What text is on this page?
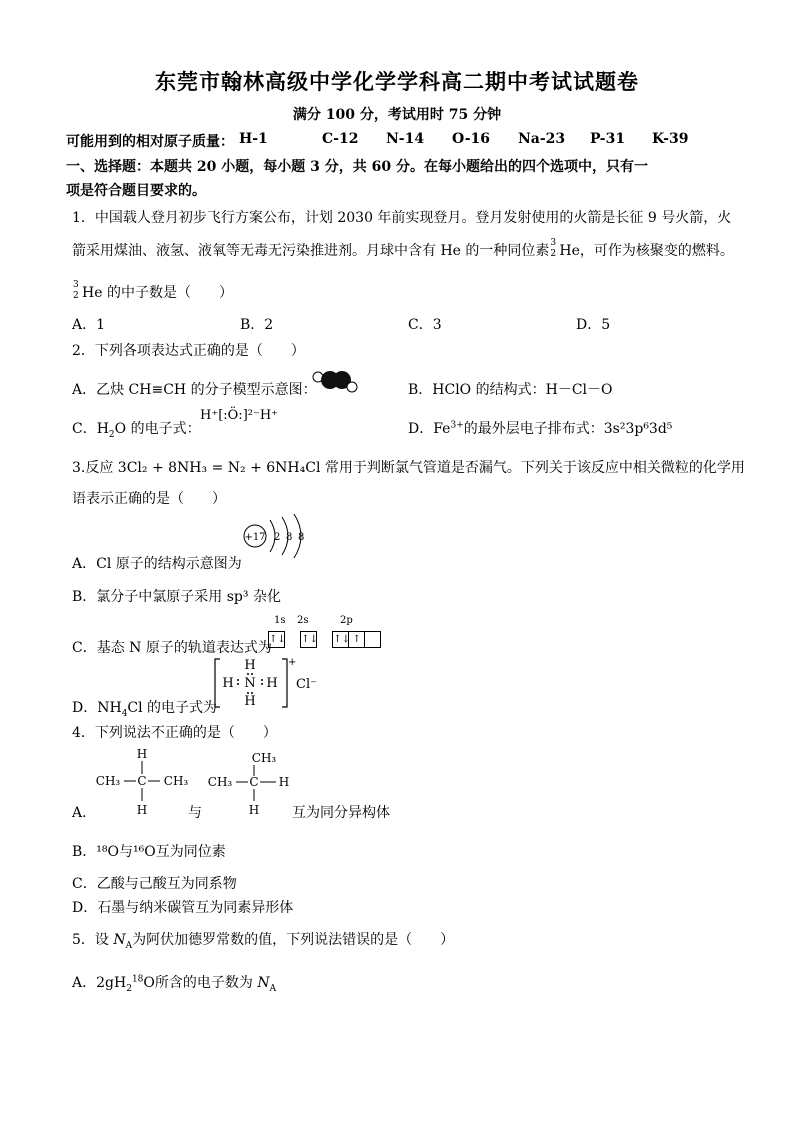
东莞市翰林高级中学化学学科高二期中考试试题卷
满分 100 分，考试用时 75 分钟
可能用到的相对原子质量： H-1	C-12 N-14 O-16 Na-23 P-31 K-39
一、选择题：本题共 20 小题，每小题 3 分，共 60 分。在每小题给出的四个选项中，只有一
项是符合题目要求的。
1．中国载人登月初步飞行方案公布，计划 2030 年前实现登月。登月发射使用的火箭是长征 9 号火箭，火
箭采用煤油、液氢、液氧等无毒无污染推进剂。月球中含有 He 的一种同位素 3
2 He，可作为核聚变的燃料。
3
2 He 的中子数是（　　）
A．1	B．2	C．3	D．5
2．下列各项表达式正确的是（　　）
A．乙炔 CH≡CH 的分子模型示意图：	B．HClO 的结构式：H－Cl－O
C．$H_2O$ 的电子式：
H⁺[:Ö:]²⁻H⁺
D．$Fe^{3+}$的最外层电子排布式：3s²3p⁶3d⁵
3.反应 3Cl₂ + 8NH₃ = N₂ + 6NH₄Cl 常用于判断氯气管道是否漏气。下列关于该反应中相关微粒的化学用
语表示正确的是（　　）
A．Cl 原子的结构示意图为
+17 2 8 8
B．氯分子中氯原子采用 sp³ 杂化
C．基态 N 原子的轨道表达式为
1s 2s	2p
↑↓ ↑↓ ↑↓ ↑
D．$NH_4Cl$ 的电子式为
H
H N H
H
+
Cl⁻
4．下列说法不正确的是（　　）
A．
H
CH₃ C CH₃
H	与
CH₃
CH₃ C H
H 互为同分异构体
B．¹⁸O与¹⁶O互为同位素
C．乙酸与己酸互为同系物
D．石墨与纳米碳管互为同素异形体
5．设 $N_A$为阿伏加德罗常数的值，下列说法错误的是（　　）
A．$2gH_2^{18}O$所含的电子数为 $N_A$
